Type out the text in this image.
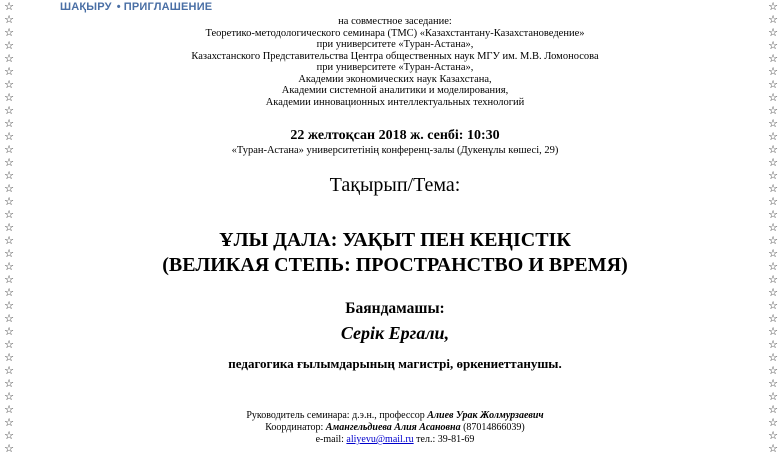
☆
☆
☆
☆
☆
☆
☆
☆
☆
☆
☆
☆
☆
☆
☆
☆
☆
☆
☆
☆
☆
☆
☆
☆
☆
☆
☆
☆
☆
☆
☆
☆
☆
☆
☆
☆
☆
☆
☆
☆
☆
☆
☆
☆
☆
☆
☆
☆
☆
☆
☆
☆
☆
☆
☆
☆
☆
☆
☆
☆
☆
☆
☆
☆
☆
☆
☆
☆
☆
☆
ШАҚЫРУ • ПРИГЛАШЕНИЕ
на совместное заседание:
Теоретико-методологического семинара (ТМС) «Казахстантану-Казахстановедение»
при университете «Туран-Астана»,
Казахстанского Представительства Центра общественных наук МГУ им. М.В. Ломоносова
при университете «Туран-Астана»,
Академии экономических наук Казахстана,
Академии системной аналитики и моделирования,
Академии инновационных интеллектуальных технологий
22 желтоқсан 2018 ж. сенбі: 10:30
«Туран-Астана» университетінің конференц-залы (Дукенұлы көшесі, 29)
Тақырып/Тема:
ҰЛЫ ДАЛА: УАҚЫТ ПЕН КЕҢІСТІК
(ВЕЛИКАЯ СТЕПЬ: ПРОСТРАНСТВО И ВРЕМЯ)
Баяндамашы:
Серік Ергали,
педагогика ғылымдарының магистрі, өркениеттанушы.
Руководитель семинара: д.э.н., профессор Алиев Урак Жолмурзаевич
Координатор: Амангельдиева Алия Асановна (87014866039)
e-mail: aliyevu@mail.ru тел.: 39-81-69
